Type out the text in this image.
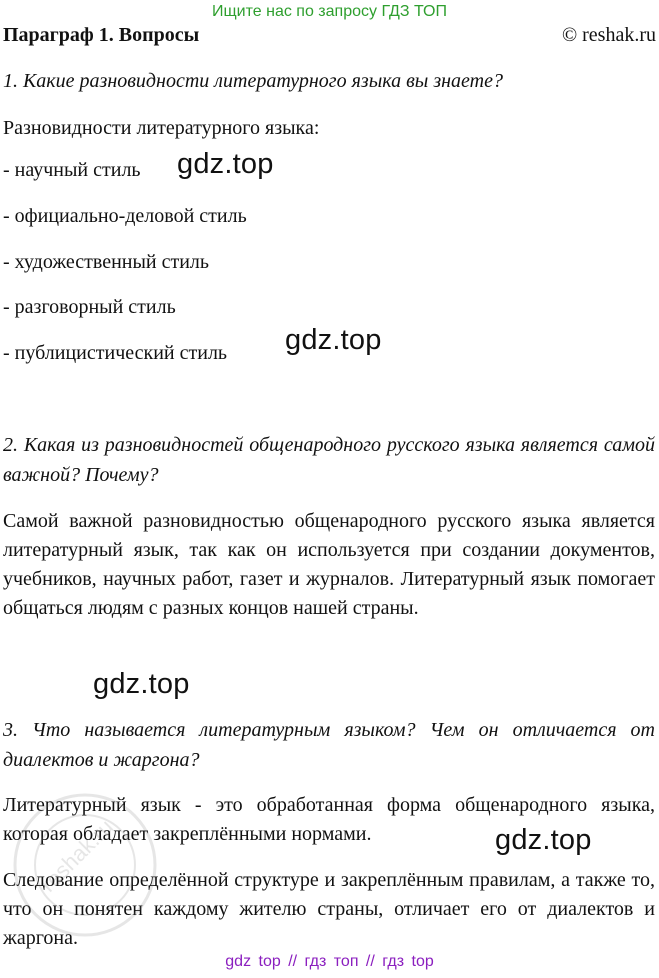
Ищите нас по запросу ГДЗ ТОП
Параграф 1. Вопросы	© reshak.ru
1. Какие разновидности литературного языка вы знаете?
Разновидности литературного языка:
- научный стиль
- официально-деловой стиль
- художественный стиль
- разговорный стиль
- публицистический стиль
2. Какая из разновидностей общенародного русского языка является самой важной? Почему?
Самой важной разновидностью общенародного русского языка является литературный язык, так как он используется при создании документов, учебников, научных работ, газет и журналов. Литературный язык помогает общаться людям с разных концов нашей страны.
3. Что называется литературным языком? Чем он отличается от диалектов и жаргона?
Литературный язык - это обработанная форма общенародного языка, которая обладает закреплёнными нормами.
Следование определённой структуре и закреплённым правилам, а также то, что он понятен каждому жителю страны, отличает его от диалектов и жаргона.
gdz.top
gdz.top
gdz.top
gdz.top
reshak.ru
gdz top // гдз топ // гдз top
